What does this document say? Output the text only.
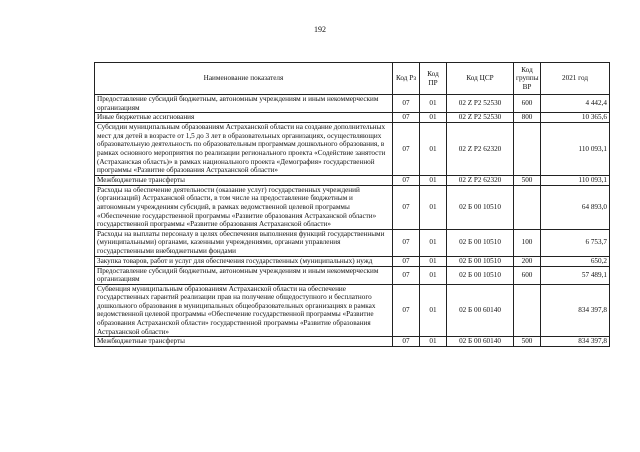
192
Наименование показателя	Код Рз	Код ПР	Код ЦСР	Код группы ВР	2021 год
Предоставление субсидий бюджетным, автономным учреждениям и иным некоммерческим организациям	07	01	02 Z P2 52530	600	4 442,4
Иные бюджетные ассигнования	07	01	02 Z P2 52530	800	10 365,6
Субсидии муниципальным образованиям Астраханской области на создание дополнительных мест для детей в возрасте от 1,5 до 3 лет в образовательных организациях, осуществляющих образовательную деятельность по образовательным программам дошкольного образования, в рамках основного мероприятия по реализации регионального проекта «Содействие занятости (Астраханская область)» в рамках национального проекта «Демография» государственной программы «Развитие образования Астраханской области»	07	01	02 Z P2 62320		110 093,1
Межбюджетные трансферты	07	01	02 Z P2 62320	500	110 093,1
Расходы на обеспечение деятельности (оказание услуг) государственных учреждений (организаций) Астраханской области, в том числе на предоставление бюджетным и автономным учреждениям субсидий, в рамках ведомственной целевой программы «Обеспечение государственной программы «Развитие образования Астраханской области» государственной программы «Развитие образования Астраханской области»	07	01	02 Б 00 10510		64 893,0
Расходы на выплаты персоналу в целях обеспечения выполнения функций государственными (муниципальными) органами, казенными учреждениями, органами управления государственными внебюджетными фондами	07	01	02 Б 00 10510	100	6 753,7
Закупка товаров, работ и услуг для обеспечения государственных (муниципальных) нужд	07	01	02 Б 00 10510	200	650,2
Предоставление субсидий бюджетным, автономным учреждениям и иным некоммерческим организациям	07	01	02 Б 00 10510	600	57 489,1
Субвенция муниципальным образованиям Астраханской области на обеспечение государственных гарантий реализации прав на получение общедоступного и бесплатного дошкольного образования в муниципальных общеобразовательных организациях в рамках ведомственной целевой программы «Обеспечение государственной программы «Развитие образования Астраханской области» государственной программы «Развитие образования Астраханской области»	07	01	02 Б 00 60140		834 397,8
Межбюджетные трансферты	07	01	02 Б 00 60140	500	834 397,8
